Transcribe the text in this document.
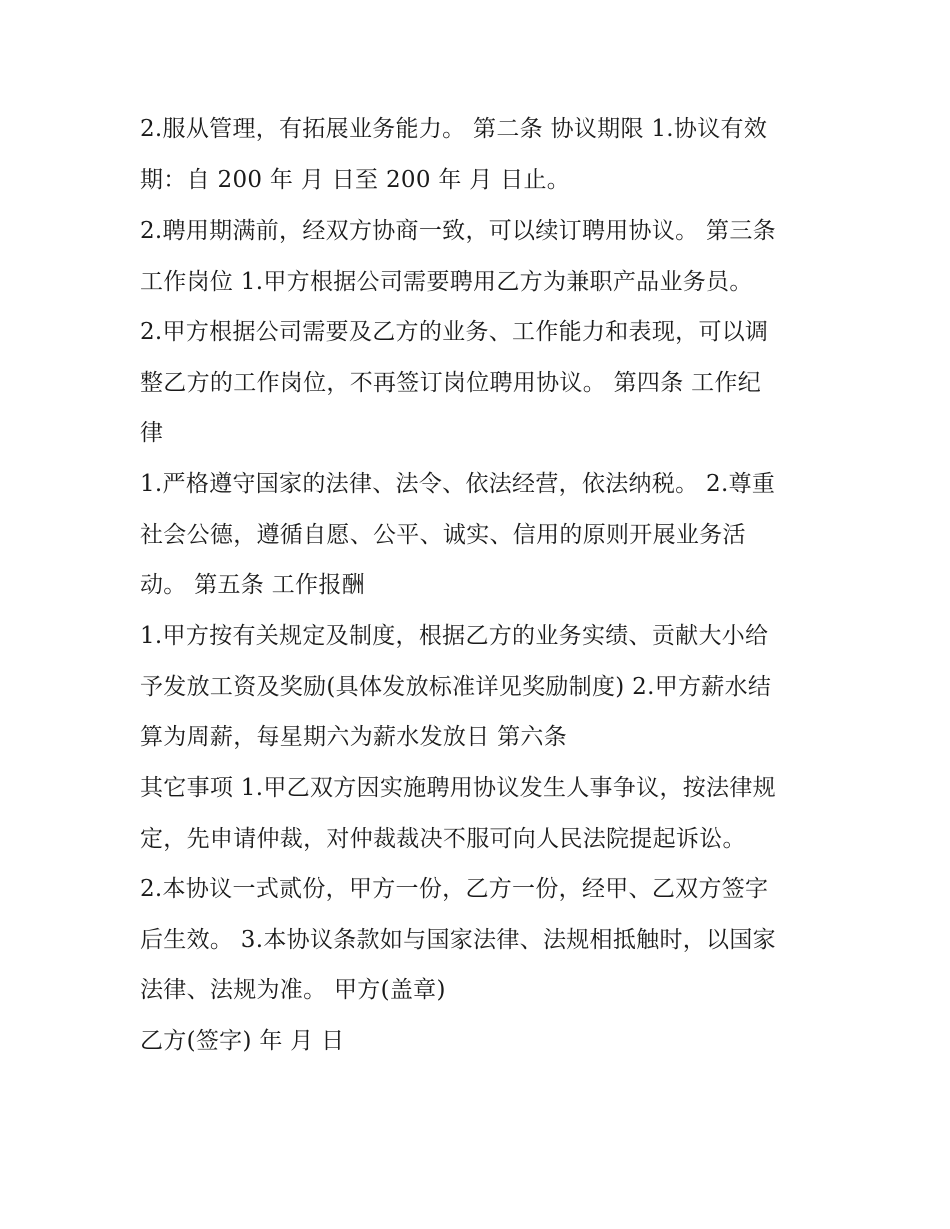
2.服从管理，有拓展业务能力。 第二条 协议期限 1.协议有效
期：自 200 年 月 日至 200 年 月 日止。
2.聘用期满前，经双方协商一致，可以续订聘用协议。 第三条
工作岗位 1.甲方根据公司需要聘用乙方为兼职产品业务员。
2.甲方根据公司需要及乙方的业务、工作能力和表现，可以调
整乙方的工作岗位，不再签订岗位聘用协议。 第四条 工作纪
律
1.严格遵守国家的法律、法令、依法经营，依法纳税。 2.尊重
社会公德，遵循自愿、公平、诚实、信用的原则开展业务活
动。 第五条 工作报酬
1.甲方按有关规定及制度，根据乙方的业务实绩、贡献大小给
予发放工资及奖励(具体发放标准详见奖励制度) 2.甲方薪水结
算为周薪，每星期六为薪水发放日 第六条
其它事项 1.甲乙双方因实施聘用协议发生人事争议，按法律规
定，先申请仲裁，对仲裁裁决不服可向人民法院提起诉讼。
2.本协议一式贰份，甲方一份，乙方一份，经甲、乙双方签字
后生效。 3.本协议条款如与国家法律、法规相抵触时，以国家
法律、法规为准。 甲方(盖章)
乙方(签字) 年 月 日
